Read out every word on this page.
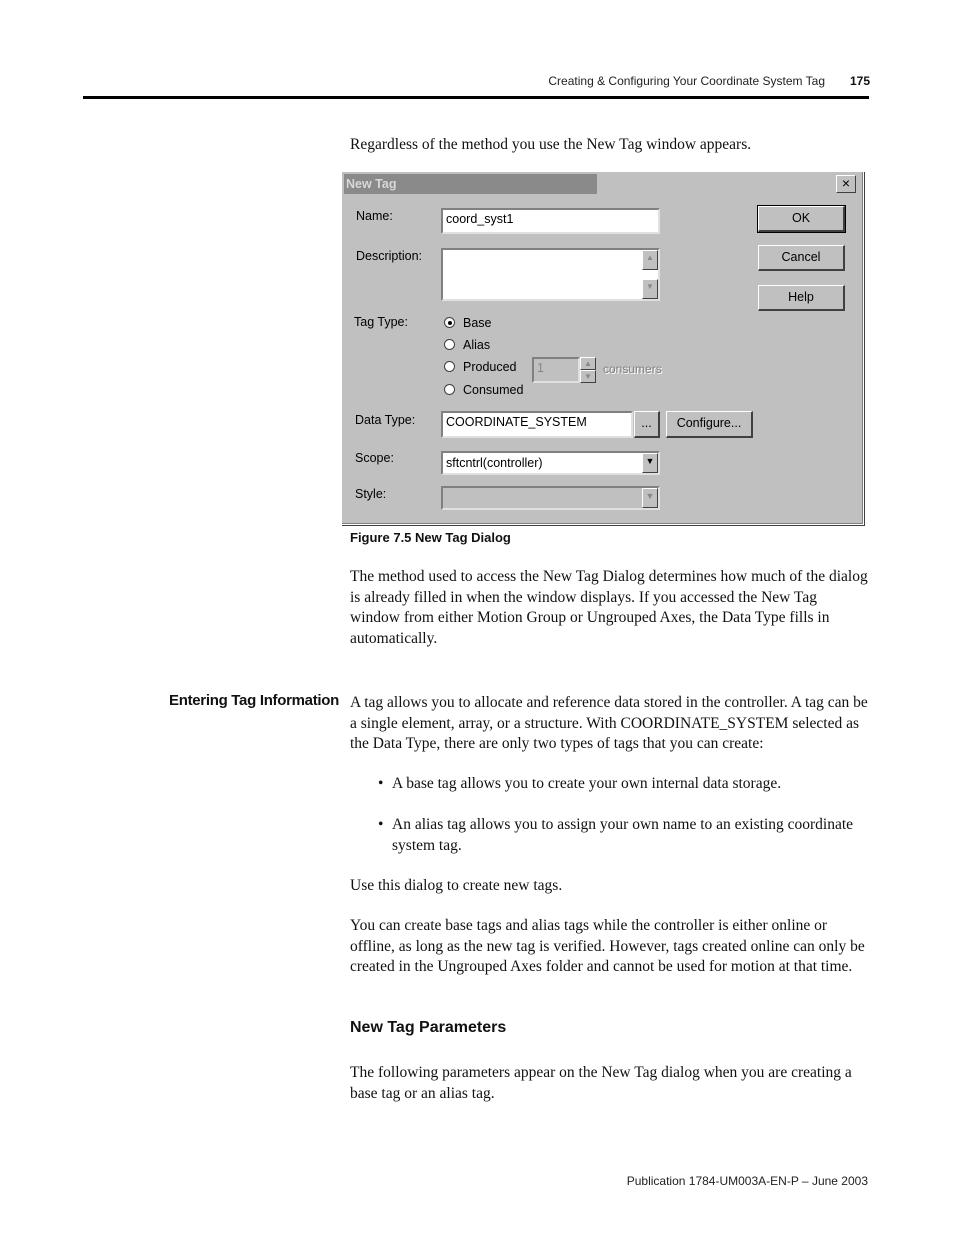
Creating & Configuring Your Coordinate System Tag 175
Regardless of the method you use the New Tag window appears.
New Tag	×
Name:	coord_syst1
Description:	▲
▼
Tag Type:	Base
Alias
Produced	1	▲
▼
consumers
Consumed
Data Type:	COORDINATE_SYSTEM	...	Configure...
Scope:	sftcntrl(controller)	▼
Style:	▼
OK
Cancel
Help
Figure 7.5 New Tag Dialog
The method used to access the New Tag Dialog determines how much of the dialog is already filled in when the window displays. If you accessed the New Tag window from either Motion Group or Ungrouped Axes, the Data Type fills in automatically.
Entering Tag Information A tag allows you to allocate and reference data stored in the controller. A tag can be a single element, array, or a structure. With COORDINATE_SYSTEM selected as the Data Type, there are only two types of tags that you can create:
• A base tag allows you to create your own internal data storage.
• An alias tag allows you to assign your own name to an existing coordinate system tag.
Use this dialog to create new tags.
You can create base tags and alias tags while the controller is either online or offline, as long as the new tag is verified. However, tags created online can only be created in the Ungrouped Axes folder and cannot be used for motion at that time.
New Tag Parameters
The following parameters appear on the New Tag dialog when you are creating a base tag or an alias tag.
Publication 1784-UM003A-EN-P – June 2003
